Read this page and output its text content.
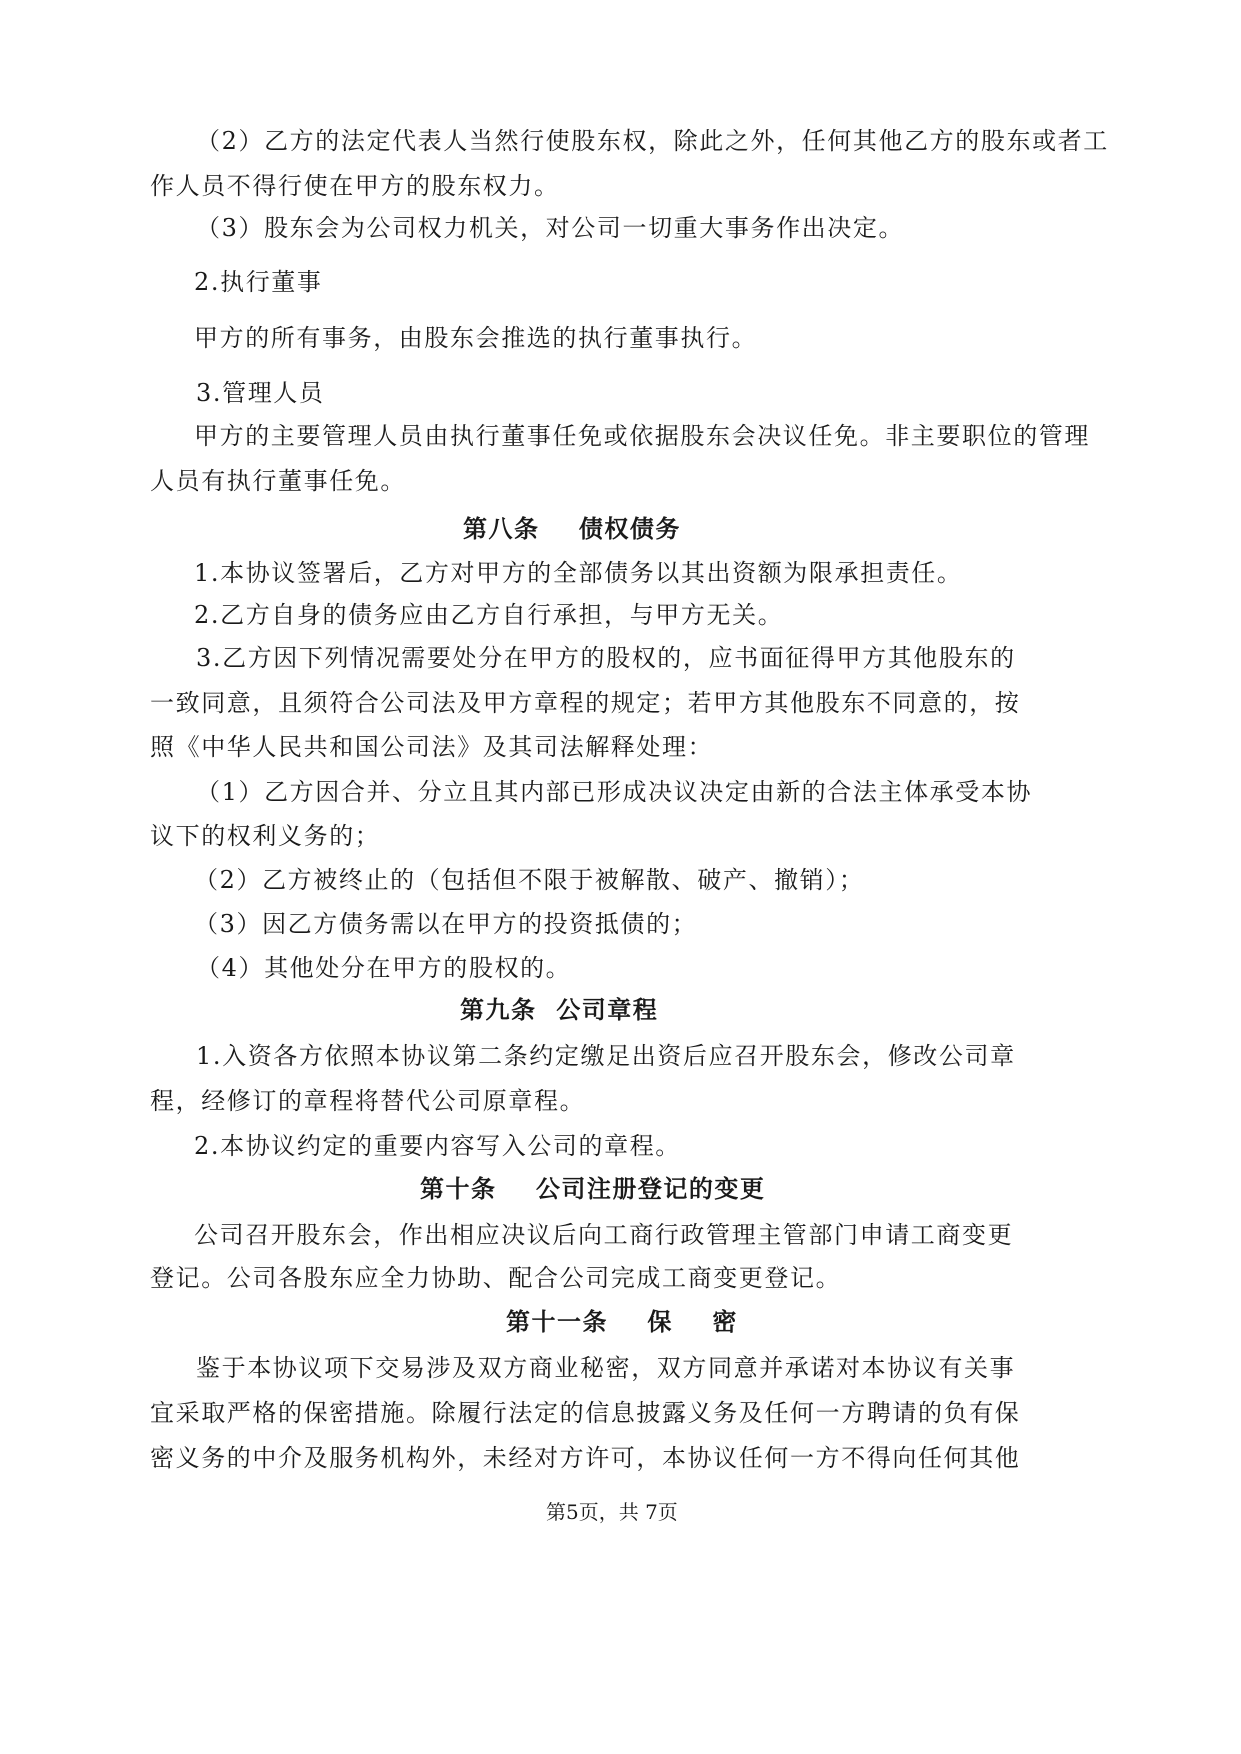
（2）乙方的法定代表人当然行使股东权，除此之外，任何其他乙方的股东或者工

作人员不得行使在甲方的股东权力。

（3）股东会为公司权力机关，对公司一切重大事务作出决定。

2.执行董事

甲方的所有事务，由股东会推选的执行董事执行。

3.管理人员

甲方的主要管理人员由执行董事任免或依据股东会决议任免。非主要职位的管理

人员有执行董事任免。

第八条    债权债务

1.本协议签署后，乙方对甲方的全部债务以其出资额为限承担责任。

2.乙方自身的债务应由乙方自行承担，与甲方无关。

3.乙方因下列情况需要处分在甲方的股权的，应书面征得甲方其他股东的

一致同意，且须符合公司法及甲方章程的规定；若甲方其他股东不同意的，按

照《中华人民共和国公司法》及其司法解释处理：

（1）乙方因合并、分立且其内部已形成决议决定由新的合法主体承受本协

议下的权利义务的；

（2）乙方被终止的（包括但不限于被解散、破产、撤销）；

（3）因乙方债务需以在甲方的投资抵债的；

（4）其他处分在甲方的股权的。

第九条  公司章程

1.入资各方依照本协议第二条约定缴足出资后应召开股东会，修改公司章

程，经修订的章程将替代公司原章程。

2.本协议约定的重要内容写入公司的章程。

第十条    公司注册登记的变更

公司召开股东会，作出相应决议后向工商行政管理主管部门申请工商变更

登记。公司各股东应全力协助、配合公司完成工商变更登记。

第十一条    保    密

鉴于本协议项下交易涉及双方商业秘密，双方同意并承诺对本协议有关事

宜采取严格的保密措施。除履行法定的信息披露义务及任何一方聘请的负有保

密义务的中介及服务机构外，未经对方许可，本协议任何一方不得向任何其他

第5页，共 7页
